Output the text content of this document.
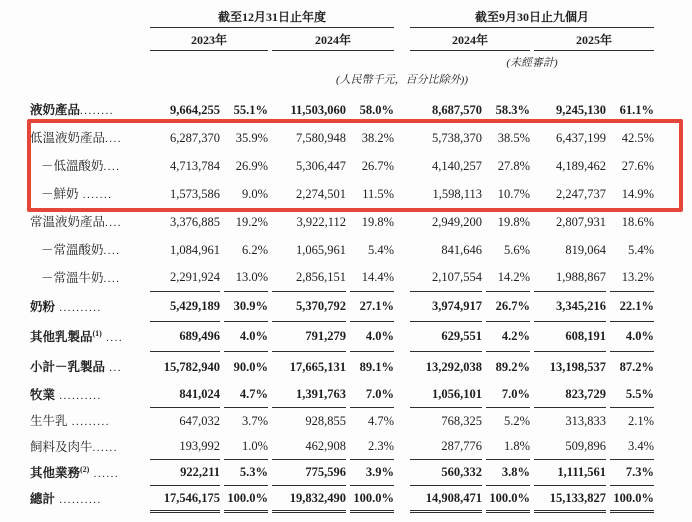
	截至12月31日止年度					截至9月30日止九個月			
	2023年		2024年			2024年		2025年	
						(未經審計)			
	(人民幣千元，百分比除外))								
液奶產品........	9,664,255	55.1%	11,503,060	58.0%		8,687,570	58.3%	9,245,130	61.1%
低溫液奶產品....	6,287,370	35.9%	7,580,948	38.2%		5,738,370	38.5%	6,437,199	42.5%
－低溫酸奶....	4,713,784	26.9%	5,306,447	26.7%		4,140,257	27.8%	4,189,462	27.6%
－鮮奶 .......	1,573,586	9.0%	2,274,501	11.5%		1,598,113	10.7%	2,247,737	14.9%
常溫液奶產品....	3,376,885	19.2%	3,922,112	19.8%		2,949,200	19.8%	2,807,931	18.6%
－常溫酸奶....	1,084,961	6.2%	1,065,961	5.4%		841,646	5.6%	819,064	5.4%
－常溫牛奶....	2,291,924	13.0%	2,856,151	14.4%		2,107,554	14.2%	1,988,867	13.2%
奶粉 ..........	5,429,189	30.9%	5,370,792	27.1%		3,974,917	26.7%	3,345,216	22.1%
其他乳製品$^{(1)}$ ....	689,496	4.0%	791,279	4.0%		629,551	4.2%	608,191	4.0%
小計－乳製品 ...	15,782,940	90.0%	17,665,131	89.1%		13,292,038	89.2%	13,198,537	87.2%
牧業 ..........	841,024	4.7%	1,391,763	7.0%		1,056,101	7.0%	823,729	5.5%
生牛乳 .........	647,032	3.7%	928,855	4.7%		768,325	5.2%	313,833	2.1%
飼料及肉牛......	193,992	1.0%	462,908	2.3%		287,776	1.8%	509,896	3.4%
其他業務$^{(2)}$ ......	922,211	5.3%	775,596	3.9%		560,332	3.8%	1,111,561	7.3%
總計 ..........	17,546,175	100.0%	19,832,490	100.0%		14,908,471	100.0%	15,133,827	100.0%
